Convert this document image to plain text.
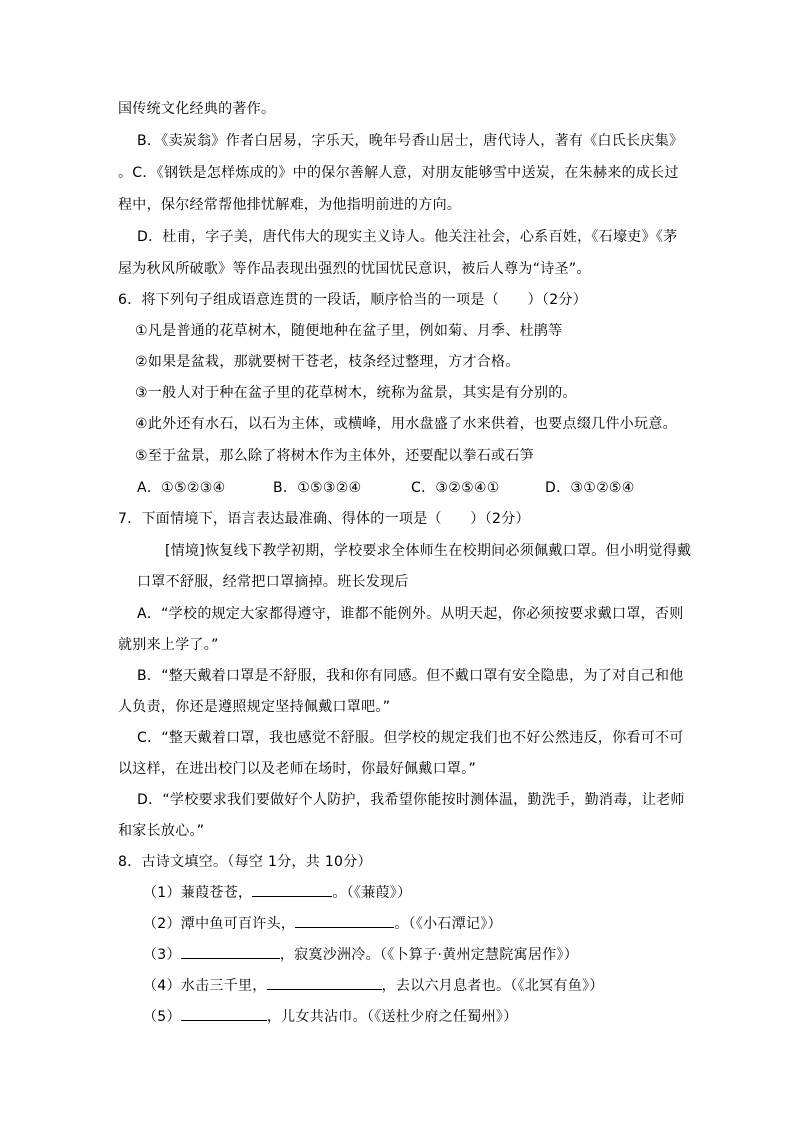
国传统文化经典的著作。
B．《卖炭翁》作者白居易，字乐天，晚年号香山居士，唐代诗人，著有《白氏长庆集》
。C．《钢铁是怎样炼成的》中的保尔善解人意，对朋友能够雪中送炭，在朱赫来的成长过
程中，保尔经常帮他排忧解难，为他指明前进的方向。
D．杜甫，字子美，唐代伟大的现实主义诗人。他关注社会，心系百姓，《石壕吏》《茅
屋为秋风所破歌》等作品表现出强烈的忧国忧民意识，被后人尊为“诗圣”。
6．将下列句子组成语意连贯的一段话，顺序恰当的一项是（　　）（2分）
①凡是普通的花草树木，随便地种在盆子里，例如菊、月季、杜鹃等
②如果是盆栽，那就要树干苍老，枝条经过整理，方才合格。
③一般人对于种在盆子里的花草树木，统称为盆景，其实是有分别的。
④此外还有水石，以石为主体，或横峰，用水盘盛了水来供着，也要点缀几件小玩意。
⑤至于盆景，那么除了将树木作为主体外，还要配以拳石或石笋
A．①⑤②③④	B．①⑤③②④	C．③②⑤④①	D．③①②⑤④
7．下面情境下，语言表达最准确、得体的一项是（　　）（2分）
[情境]恢复线下教学初期，学校要求全体师生在校期间必须佩戴口罩。但小明觉得戴
口罩不舒服，经常把口罩摘掉。班长发现后
A．“学校的规定大家都得遵守，谁都不能例外。从明天起，你必须按要求戴口罩，否则
就别来上学了。”
B．“整天戴着口罩是不舒服，我和你有同感。但不戴口罩有安全隐患，为了对自己和他
人负责，你还是遵照规定坚持佩戴口罩吧。”
C．“整天戴着口罩，我也感觉不舒服。但学校的规定我们也不好公然违反，你看可不可
以这样，在进出校门以及老师在场时，你最好佩戴口罩。”
D．“学校要求我们要做好个人防护，我希望你能按时测体温，勤洗手，勤消毒，让老师
和家长放心。”
8．古诗文填空。（每空 1分，共 10分）
（1）蒹葭苍苍，	。（《蒹葭》）
（2）潭中鱼可百许头，	。（《小石潭记》）
（3）	，寂寞沙洲冷。（《卜算子·黄州定慧院寓居作》）
（4）水击三千里，	，去以六月息者也。（《北冥有鱼》）
（5）	，儿女共沾巾。（《送杜少府之任蜀州》）
